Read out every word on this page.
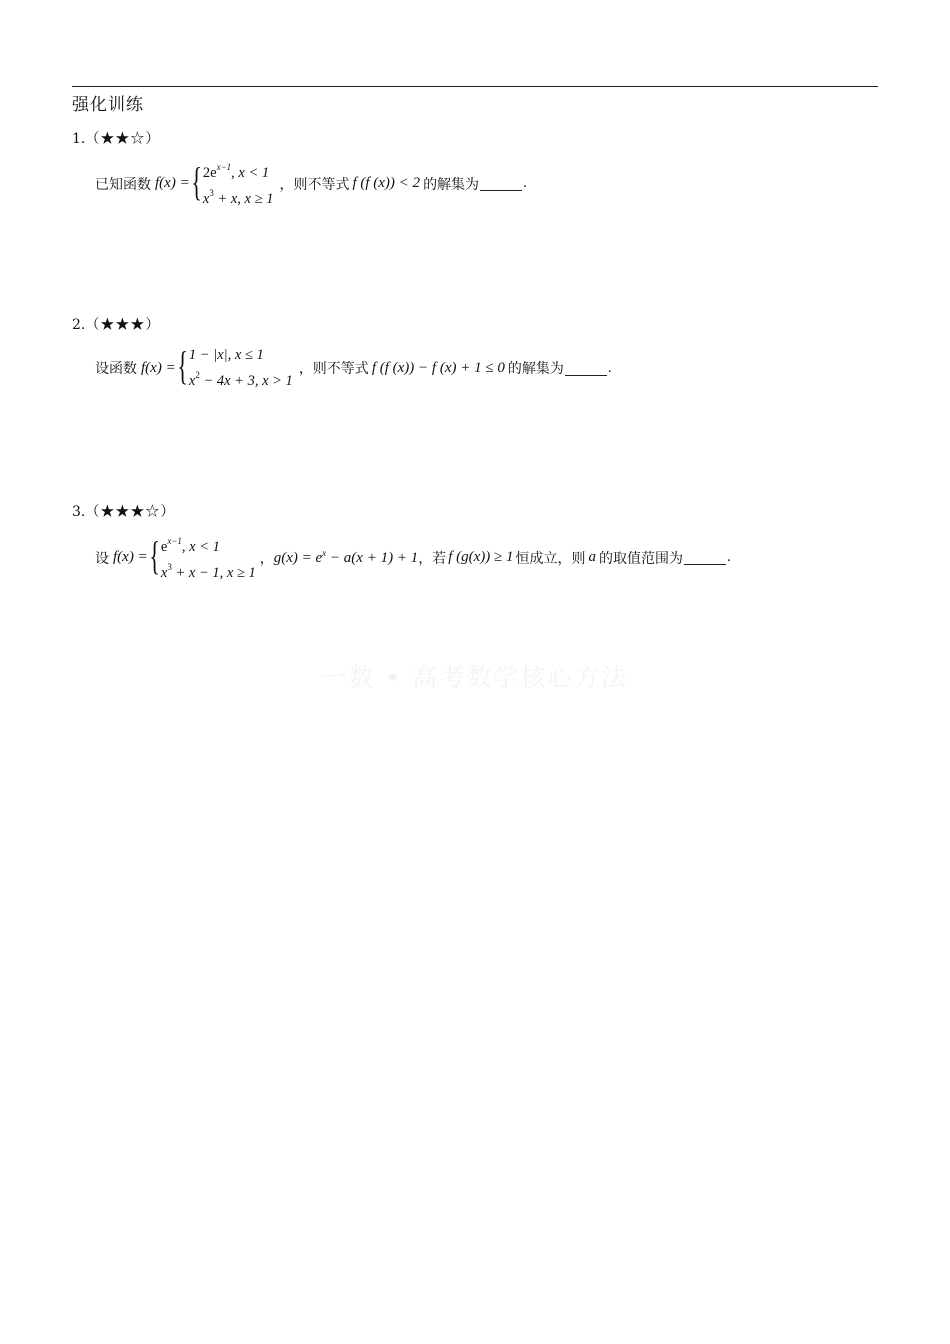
强化训练
1.（★★☆）
已知函数 f(x) = { $2e^{x-1}$, x < 1
$x^3 + x$, x ≥ 1
，则不等式 f (f (x)) < 2 的解集为	.
2.（★★★）
设函数 f(x) = { 1 − |x|, x ≤ 1
$x^2 - 4x + 3$, x > 1
，则不等式 f (f (x)) − f (x) + 1 ≤ 0 的解集为	.
3.（★★★☆）
设 f(x) = { $e^{x-1}$, x < 1
$x^3 + x - 1$, x ≥ 1
， $g(x) = e^x - a(x + 1) + 1$ ，若 f (g(x)) ≥ 1 恒成立，则 a 的取值范围为	.
一数 • 高考数学核心方法
